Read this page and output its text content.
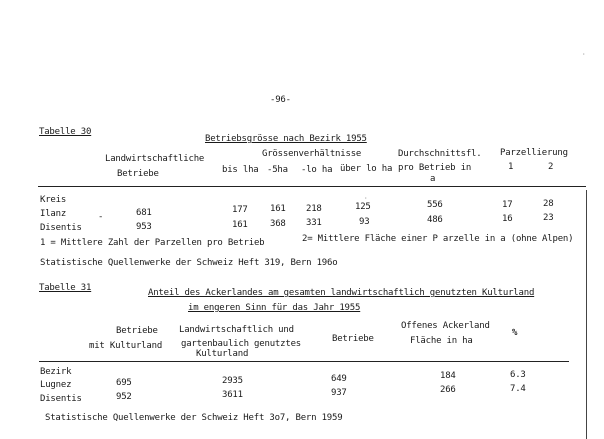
-96-
Tabelle 30
Betriebsgrösse nach Bezirk 1955
Landwirtschaftliche
Betriebe
Grössenverhältnisse
bis lha -5ha -lo ha über lo ha
Durchschnittsfl.
pro Betrieb in
a
Parzellierung
1	2
Kreis
Ilanz	-	681	177 161 218	125	556	17	28
Disentis	953	161 368 331	93	486	16	23
1 = Mittlere Zahl der Parzellen pro Betrieb	2= Mittlere Fläche einer P arzelle in a (ohne Alpen)
Statistische Quellenwerke der Schweiz Heft 319, Bern 196o
Tabelle 31	Anteil des Ackerlandes am gesamten landwirtschaftlich genutzten Kulturland
im engeren Sinn für das Jahr 1955
Betriebe
mit Kulturland
Landwirtschaftlich und
gartenbaulich genutztes
Kulturland
Betriebe
Offenes Ackerland
Fläche in ha
%
Bezirk
Lugnez	695	2935	649	184	6.3
Disentis	952	3611	937	266	7.4
Statistische Quellenwerke der Schweiz Heft 3o7, Bern 1959
·
·
